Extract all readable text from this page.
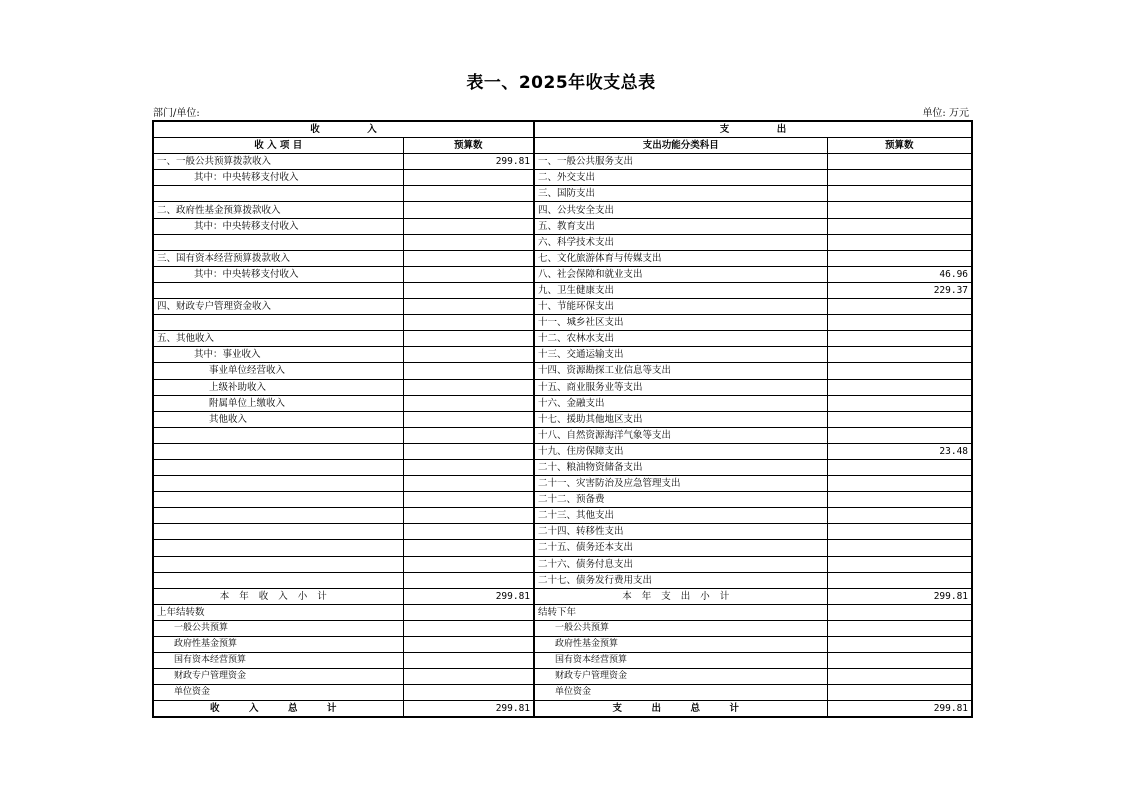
表一、2025年收支总表
部门/单位:	单位: 万元
收　　　　　入		支　　　　　出	
收 入 项 目	预算数	支出功能分类科目	预算数
一、一般公共预算拨款收入	299.81	一、一般公共服务支出	
其中：中央转移支付收入		二、外交支出	
		三、国防支出	
二、政府性基金预算拨款收入		四、公共安全支出	
其中：中央转移支付收入		五、教育支出	
		六、科学技术支出	
三、国有资本经营预算拨款收入		七、文化旅游体育与传媒支出	
其中：中央转移支付收入		八、社会保障和就业支出	46.96
		九、卫生健康支出	229.37
四、财政专户管理资金收入		十、节能环保支出	
		十一、城乡社区支出	
五、其他收入		十二、农林水支出	
其中：事业收入		十三、交通运输支出	
事业单位经营收入		十四、资源勘探工业信息等支出	
上级补助收入		十五、商业服务业等支出	
附属单位上缴收入		十六、金融支出	
其他收入		十七、援助其他地区支出	
		十八、自然资源海洋气象等支出	
		十九、住房保障支出	23.48
		二十、粮油物资储备支出	
		二十一、灾害防治及应急管理支出	
		二十二、预备费	
		二十三、其他支出	
		二十四、转移性支出	
		二十五、债务还本支出	
		二十六、债务付息支出	
		二十七、债务发行费用支出	
本年收入小计	299.81	本年支出小计	299.81
上年结转数		结转下年	
一般公共预算		一般公共预算	
政府性基金预算		政府性基金预算	
国有资本经营预算		国有资本经营预算	
财政专户管理资金		财政专户管理资金	
单位资金		单位资金	
收　入　总　计	299.81	支　出　总　计	299.81
